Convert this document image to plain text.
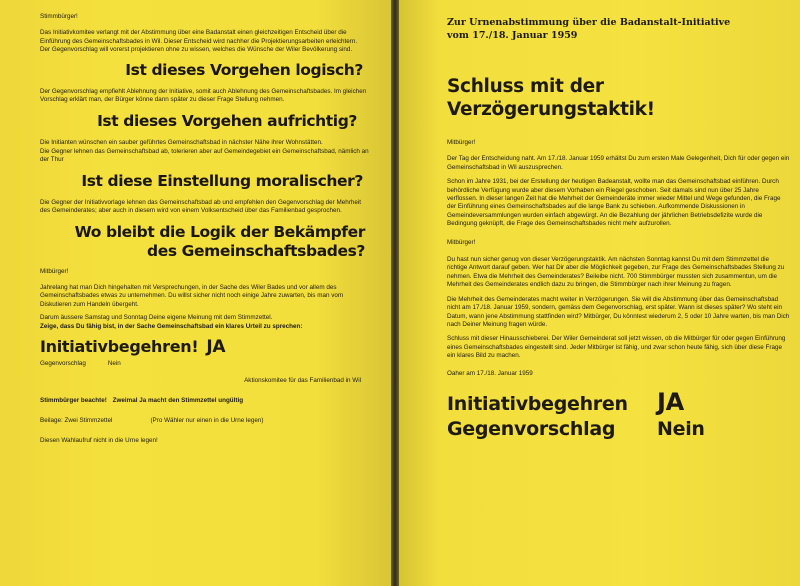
Stimmbürger!
Das Initiativkomitee verlangt mit der Abstimmung über eine Badanstalt einen gleichzeitigen Entscheid über die Einführung des Gemeinschaftsbades in Wil. Dieser Entscheid wird nachher die Projektierungsarbeiten erleichtern.
Der Gegenvorschlag will vorerst projektieren ohne zu wissen, welches die Wünsche der Wiler Bevölkerung sind.
Ist dieses Vorgehen logisch?
Der Gegenvorschlag empfiehlt Ablehnung der Initiative, somit auch Ablehnung des Gemeinschaftsbades. Im gleichen Vorschlag erklärt man, der Bürger könne dann später zu dieser Frage Stellung nehmen.
Ist dieses Vorgehen aufrichtig?
Die Initianten wünschen ein sauber geführtes Gemeinschaftsbad in nächster Nähe ihrer Wohnstätten.
Die Gegner lehnen das Gemeinschaftsbad ab, tolerieren aber auf Gemeindegebiet ein Gemeinschaftsbad, nämlich an der Thur
Ist diese Einstellung moralischer?
Die Gegner der Initiativvorlage lehnen das Gemeinschaftsbad ab und empfehlen den Gegenvorschlag der Mehrheit des Gemeinderates; aber auch in diesem wird von einem Volksentscheid über das Familienbad gesprochen.
Wo bleibt die Logik der Bekämpfer
des Gemeinschaftsbades?
Mitbürger!
Jahrelang hat man Dich hingehalten mit Versprechungen, in der Sache des Wiler Bades und vor allem des Gemeinschaftsbades etwas zu unternehmen. Du willst sicher nicht noch einige Jahre zuwarten, bis man vom Diskutieren zum Handeln übergeht.
Darum äussere Samstag und Sonntag Deine eigene Meinung mit dem Stimmzettel.
Zeige, dass Du fähig bist, in der Sache Gemeinschaftsbad ein klares Urteil zu sprechen:
Initiativbegehren! JA
Gegenvorschlag	Nein
Aktionskomitee für das Familienbad in Wil
Stimmbürger beachte! Zweimal Ja macht den Stimmzettel ungültig
Beilage: Zwei Stimmzettel	(Pro Wähler nur einen in die Urne legen)
Diesen Wahlaufruf nicht in die Urne legen!
Zur Urnenabstimmung über die Badanstalt-Initiative
vom 17./18. Januar 1959
Schluss mit der
Verzögerungstaktik!
Mitbürger!
Der Tag der Entscheidung naht. Am 17./18. Januar 1959 erhältst Du zum ersten Male Gelegenheit, Dich für oder gegen ein Gemeinschaftsbad in Wil auszusprechen.
Schon im Jahre 1931, bei der Erstellung der heutigen Badeanstalt, wollte man das Gemeinschaftsbad einführen. Durch behördliche Verfügung wurde aber diesem Vorhaben ein Riegel geschoben. Seit damals sind nun über 25 Jahre verflossen. In dieser langen Zeit hat die Mehrheit der Gemeinderäte immer wieder Mittel und Wege gefunden, die Frage der Einführung eines Gemeinschaftsbades auf die lange Bank zu schieben. Aufkommende Diskussionen in Gemeindeversammlungen wurden einfach abgewürgt. An die Bezahlung der jährlichen Betriebsdefizite wurde die Bedingung geknüpft, die Frage des Gemeinschaftsbades nicht mehr aufzurollen.
Mitbürger!
Du hast nun sicher genug von dieser Verzögerungstaktik. Am nächsten Sonntag kannst Du mit dem Stimmzettel die richtige Antwort darauf geben. Wer hat Dir aber die Möglichkeit gegeben, zur Frage des Gemeinschaftsbades Stellung zu nehmen. Etwa die Mehrheit des Gemeinderates? Beileibe nicht. 700 Stimmbürger mussten sich zusammentun, um die Mehrheit des Gemeinderates endlich dazu zu bringen, die Stimmbürger nach ihrer Meinung zu fragen.
Die Mehrheit des Gemeinderates macht weiter in Verzögerungen. Sie will die Abstimmung über das Gemeinschaftsbad nicht am 17./18. Januar 1959, sondern, gemäss dem Gegenvorschlag, erst später. Wann ist dieses später? Wo steht ein Datum, wann jene Abstimmung stattfinden wird? Mitbürger, Du könntest wiederum 2, 5 oder 10 Jahre warten, bis man Dich nach Deiner Meinung fragen würde.
Schluss mit dieser Hinausschieberei. Der Wiler Gemeinderat soll jetzt wissen, ob die Mitbürger für oder gegen Einführung eines Gemeinschaftsbades eingestellt sind. Jeder Mitbürger ist fähig, und zwar schon heute fähig, sich über diese Frage ein klares Bild zu machen.
Oaher am 17./18. Januar 1959
Initiativbegehren	JA
Gegenvorschlag	Nein
